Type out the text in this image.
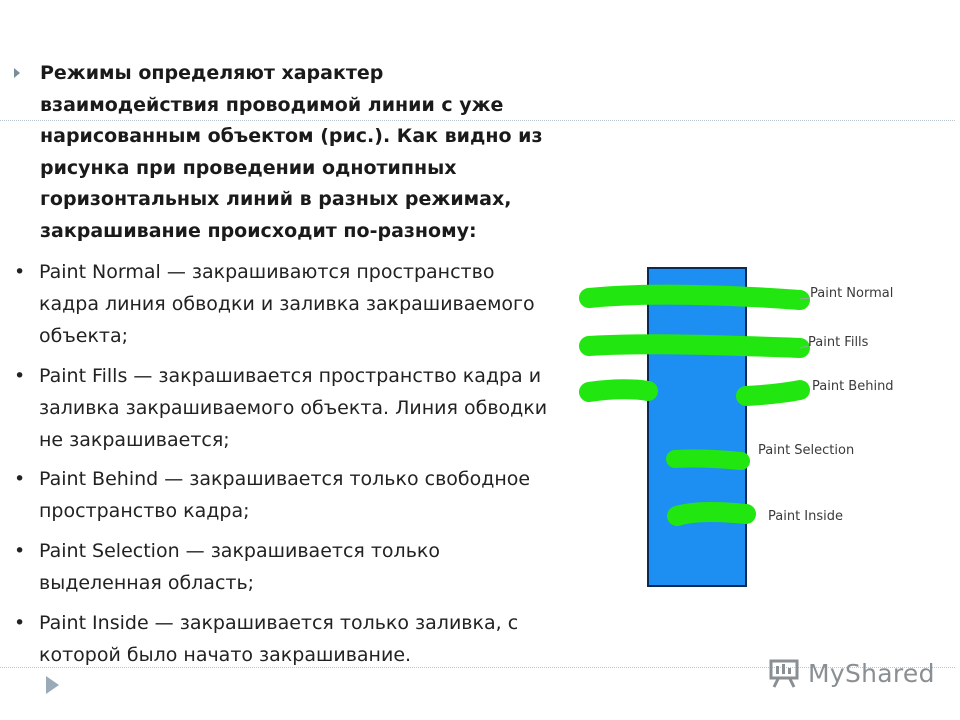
Режимы определяют характер взаимодействия проводимой линии с уже нарисованным объектом (рис.). Как видно из рисунка при проведении однотипных горизонтальных линий в разных режимах, закрашивание происходит по-разному:
• Paint Normal — закрашиваются пространство кадра линия обводки и заливка закрашиваемого объекта;
• Paint Fills — закрашивается пространство кадра и заливка закрашиваемого объекта. Линия обводки не закрашивается;
• Paint Behind — закрашивается только свободное пространство кадра;
• Paint Selection — закрашивается только выделенная область;
• Paint Inside — закрашивается только заливка, с которой было начато закрашивание.
Paint Normal
Paint Fills
Paint Behind
Paint Selection
Paint Inside
MyShared
